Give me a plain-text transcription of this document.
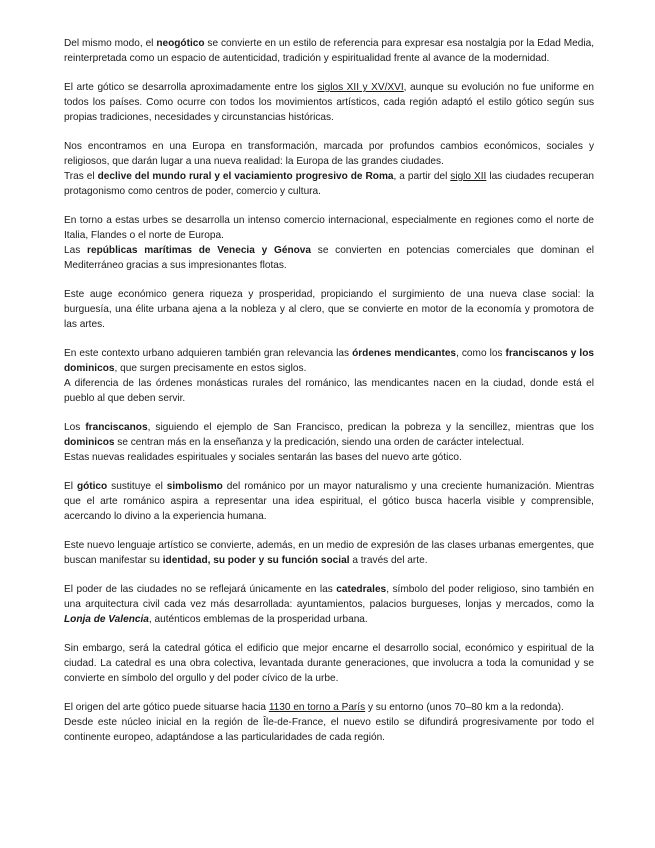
Del mismo modo, el neogótico se convierte en un estilo de referencia para expresar esa nostalgia por la Edad Media, reinterpretada como un espacio de autenticidad, tradición y espiritualidad frente al avance de la modernidad.

El arte gótico se desarrolla aproximadamente entre los siglos XII y XV/XVI, aunque su evolución no fue uniforme en todos los países. Como ocurre con todos los movimientos artísticos, cada región adaptó el estilo gótico según sus propias tradiciones, necesidades y circunstancias históricas.

Nos encontramos en una Europa en transformación, marcada por profundos cambios económicos, sociales y religiosos, que darán lugar a una nueva realidad: la Europa de las grandes ciudades.

Tras el declive del mundo rural y el vaciamiento progresivo de Roma, a partir del siglo XII las ciudades recuperan protagonismo como centros de poder, comercio y cultura.

En torno a estas urbes se desarrolla un intenso comercio internacional, especialmente en regiones como el norte de Italia, Flandes o el norte de Europa.

Las repúblicas marítimas de Venecia y Génova se convierten en potencias comerciales que dominan el Mediterráneo gracias a sus impresionantes flotas.

Este auge económico genera riqueza y prosperidad, propiciando el surgimiento de una nueva clase social: la burguesía, una élite urbana ajena a la nobleza y al clero, que se convierte en motor de la economía y promotora de las artes.

En este contexto urbano adquieren también gran relevancia las órdenes mendicantes, como los franciscanos y los dominicos, que surgen precisamente en estos siglos.

A diferencia de las órdenes monásticas rurales del románico, las mendicantes nacen en la ciudad, donde está el pueblo al que deben servir.

Los franciscanos, siguiendo el ejemplo de San Francisco, predican la pobreza y la sencillez, mientras que los dominicos se centran más en la enseñanza y la predicación, siendo una orden de carácter intelectual.

Estas nuevas realidades espirituales y sociales sentarán las bases del nuevo arte gótico.

El gótico sustituye el simbolismo del románico por un mayor naturalismo y una creciente humanización. Mientras que el arte románico aspira a representar una idea espiritual, el gótico busca hacerla visible y comprensible, acercando lo divino a la experiencia humana.

Este nuevo lenguaje artístico se convierte, además, en un medio de expresión de las clases urbanas emergentes, que buscan manifestar su identidad, su poder y su función social a través del arte.

El poder de las ciudades no se reflejará únicamente en las catedrales, símbolo del poder religioso, sino también en una arquitectura civil cada vez más desarrollada: ayuntamientos, palacios burgueses, lonjas y mercados, como la Lonja de Valencia, auténticos emblemas de la prosperidad urbana.

Sin embargo, será la catedral gótica el edificio que mejor encarne el desarrollo social, económico y espiritual de la ciudad. La catedral es una obra colectiva, levantada durante generaciones, que involucra a toda la comunidad y se convierte en símbolo del orgullo y del poder cívico de la urbe.

El origen del arte gótico puede situarse hacia 1130 en torno a París y su entorno (unos 70–80 km a la redonda).

Desde este núcleo inicial en la región de Île-de-France, el nuevo estilo se difundirá progresivamente por todo el continente europeo, adaptándose a las particularidades de cada región.
